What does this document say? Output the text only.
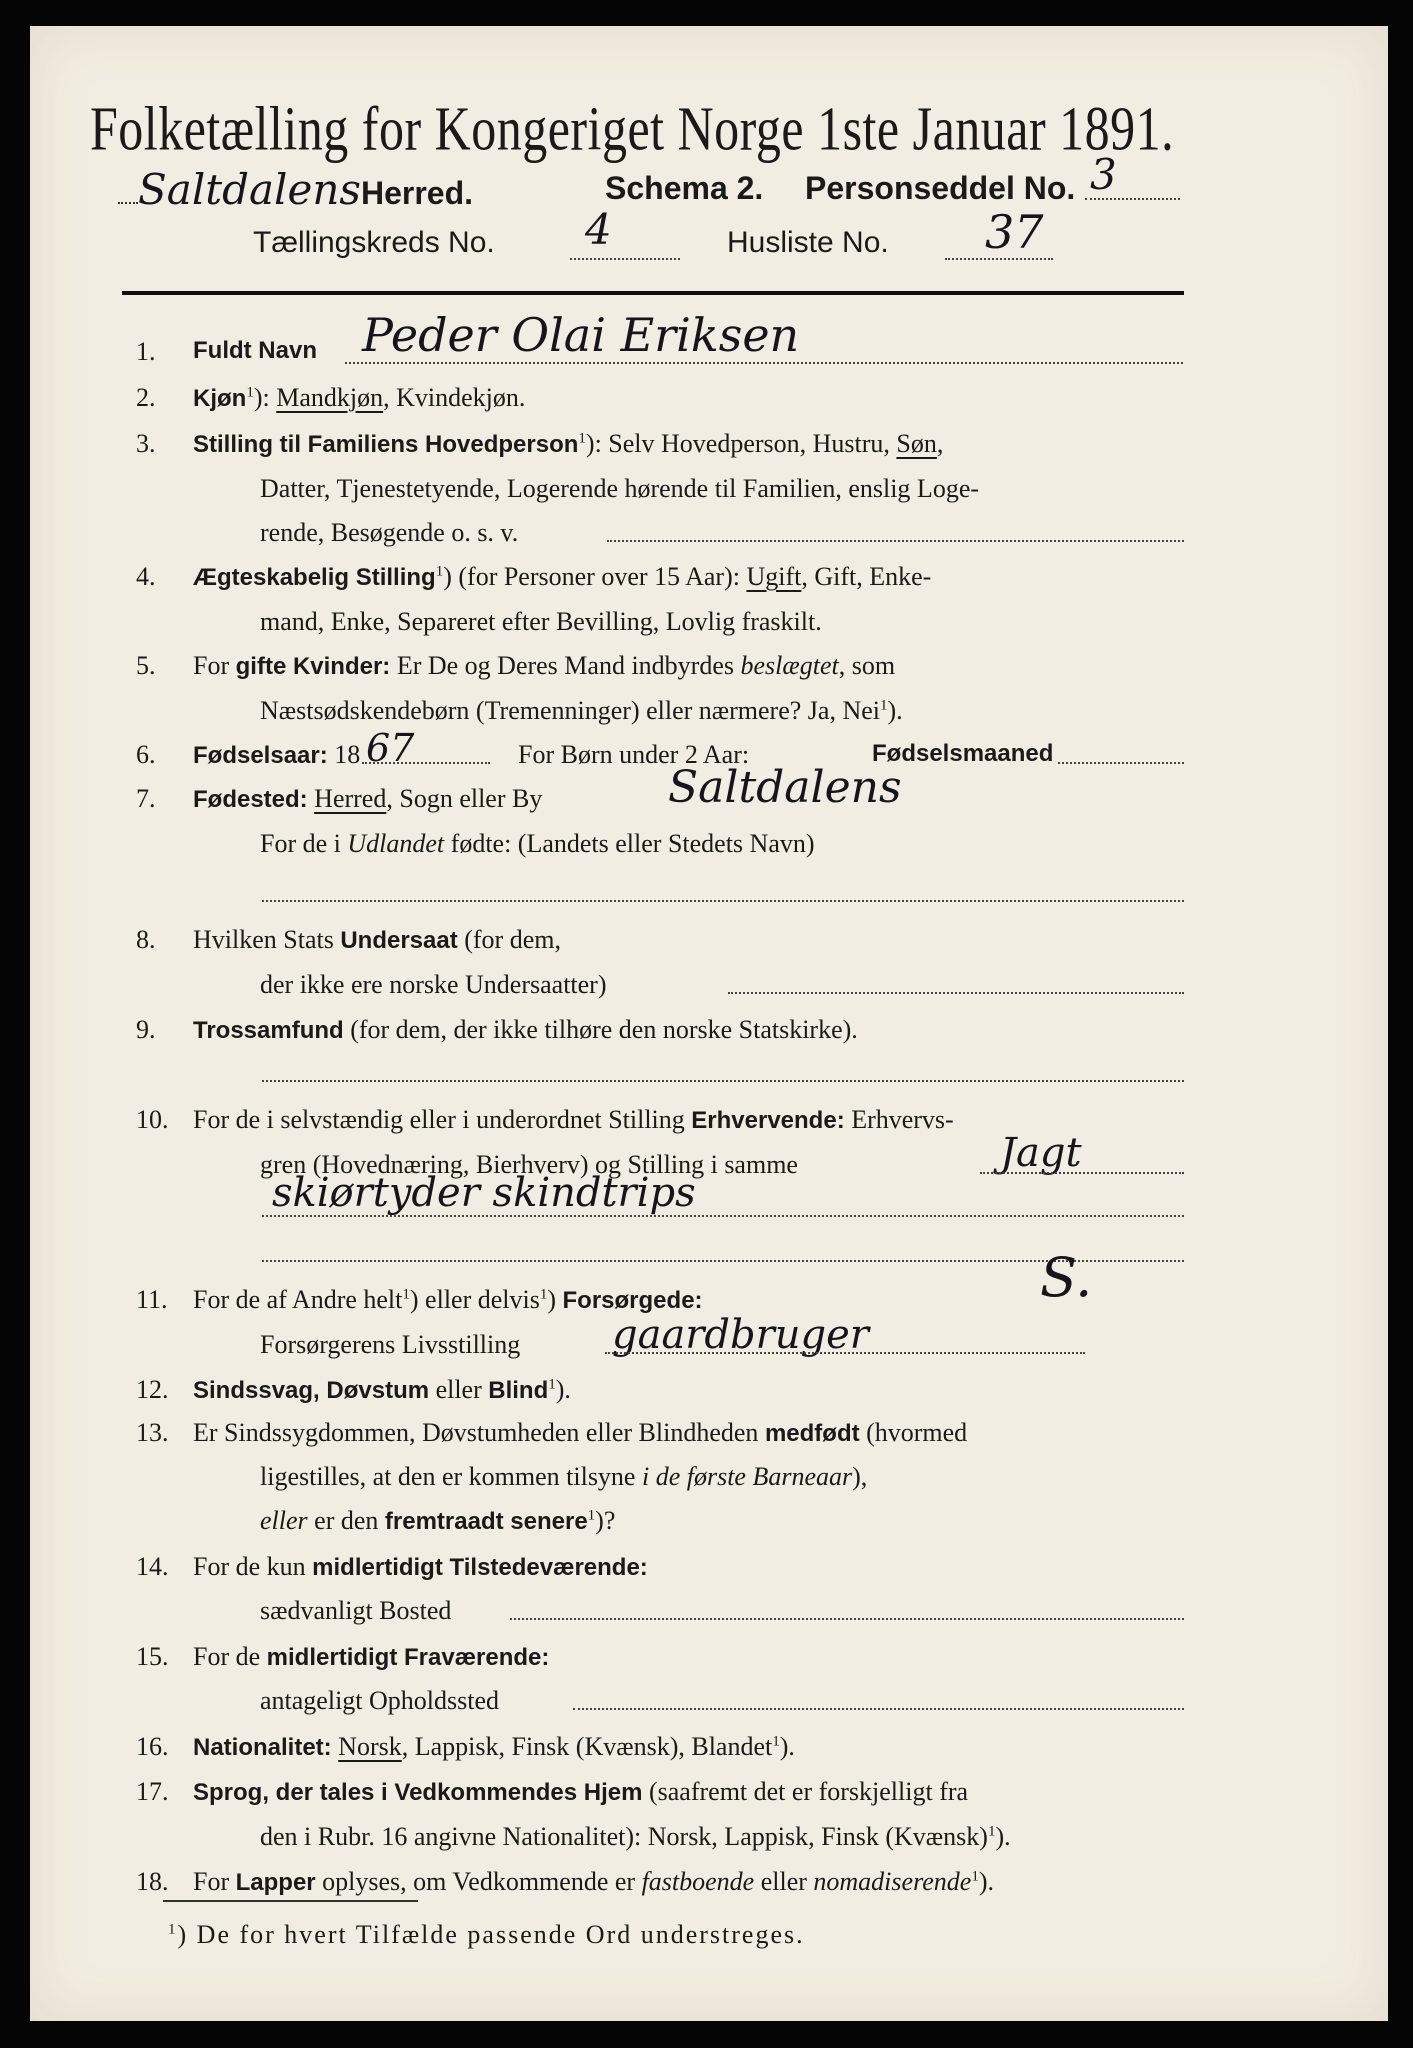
Folketælling for Kongeriget Norge 1ste Januar 1891.
SaltdalensHerred.	Schema 2. Personseddel No. 3
Tællingskreds No. 4	Husliste No. 37
1.	Fuldt Navn Peder Olai Eriksen
2.	Kjøn$^1$): Mandkjøn, Kvindekjøn.
3.	Stilling til Familiens Hovedperson$^1$): Selv Hovedperson, Hustru, Søn,
Datter, Tjenestetyende, Logerende hørende til Familien, enslig Loge-
rende, Besøgende o. s. v.
4.	Ægteskabelig Stilling$^1$) (for Personer over 15 Aar): Ugift, Gift, Enke-
mand, Enke, Separeret efter Bevilling, Lovlig fraskilt.
5.	For gifte Kvinder: Er De og Deres Mand indbyrdes beslægtet, som
Næstsødskendebørn (Tremenninger) eller nærmere? Ja, Nei$^1$).
6.	Fødselsaar: 18	For Børn under 2 Aar:	Fødselsmaaned
67
7.	Fødested: Herred, Sogn eller By	Saltdalens
For de i Udlandet fødte: (Landets eller Stedets Navn)
8.	Hvilken Stats Undersaat (for dem,
der ikke ere norske Undersaatter)
9.	Trossamfund (for dem, der ikke tilhøre den norske Statskirke).
10. For de i selvstændig eller i underordnet Stilling Erhvervende: Erhvervs-
gren (Hovednæring, Bierhverv) og Stilling i samme	Jagt
skiørtyder skindtrips
11. For de af Andre helt$^1$) eller delvis$^1$) Forsørgede:
Forsørgerens Livsstilling gaardbruger
S.
12.	Sindssvag, Døvstum eller Blind$^1$).
13. Er Sindssygdommen, Døvstumheden eller Blindheden medfødt (hvormed
ligestilles, at den er kommen tilsyne i de første Barneaar),
eller er den fremtraadt senere$^1$)?
14. For de kun midlertidigt Tilstedeværende:
sædvanligt Bosted
15. For de midlertidigt Fraværende:
antageligt Opholdssted
16.	Nationalitet: Norsk, Lappisk, Finsk (Kvænsk), Blandet$^1$).
17.	Sprog, der tales i Vedkommendes Hjem (saafremt det er forskjelligt fra
den i Rubr. 16 angivne Nationalitet): Norsk, Lappisk, Finsk (Kvænsk)$^1$).
18. For Lapper oplyses, om Vedkommende er fastboende eller nomadiserende$^1$).
$^1$) De for hvert Tilfælde passende Ord understreges.
